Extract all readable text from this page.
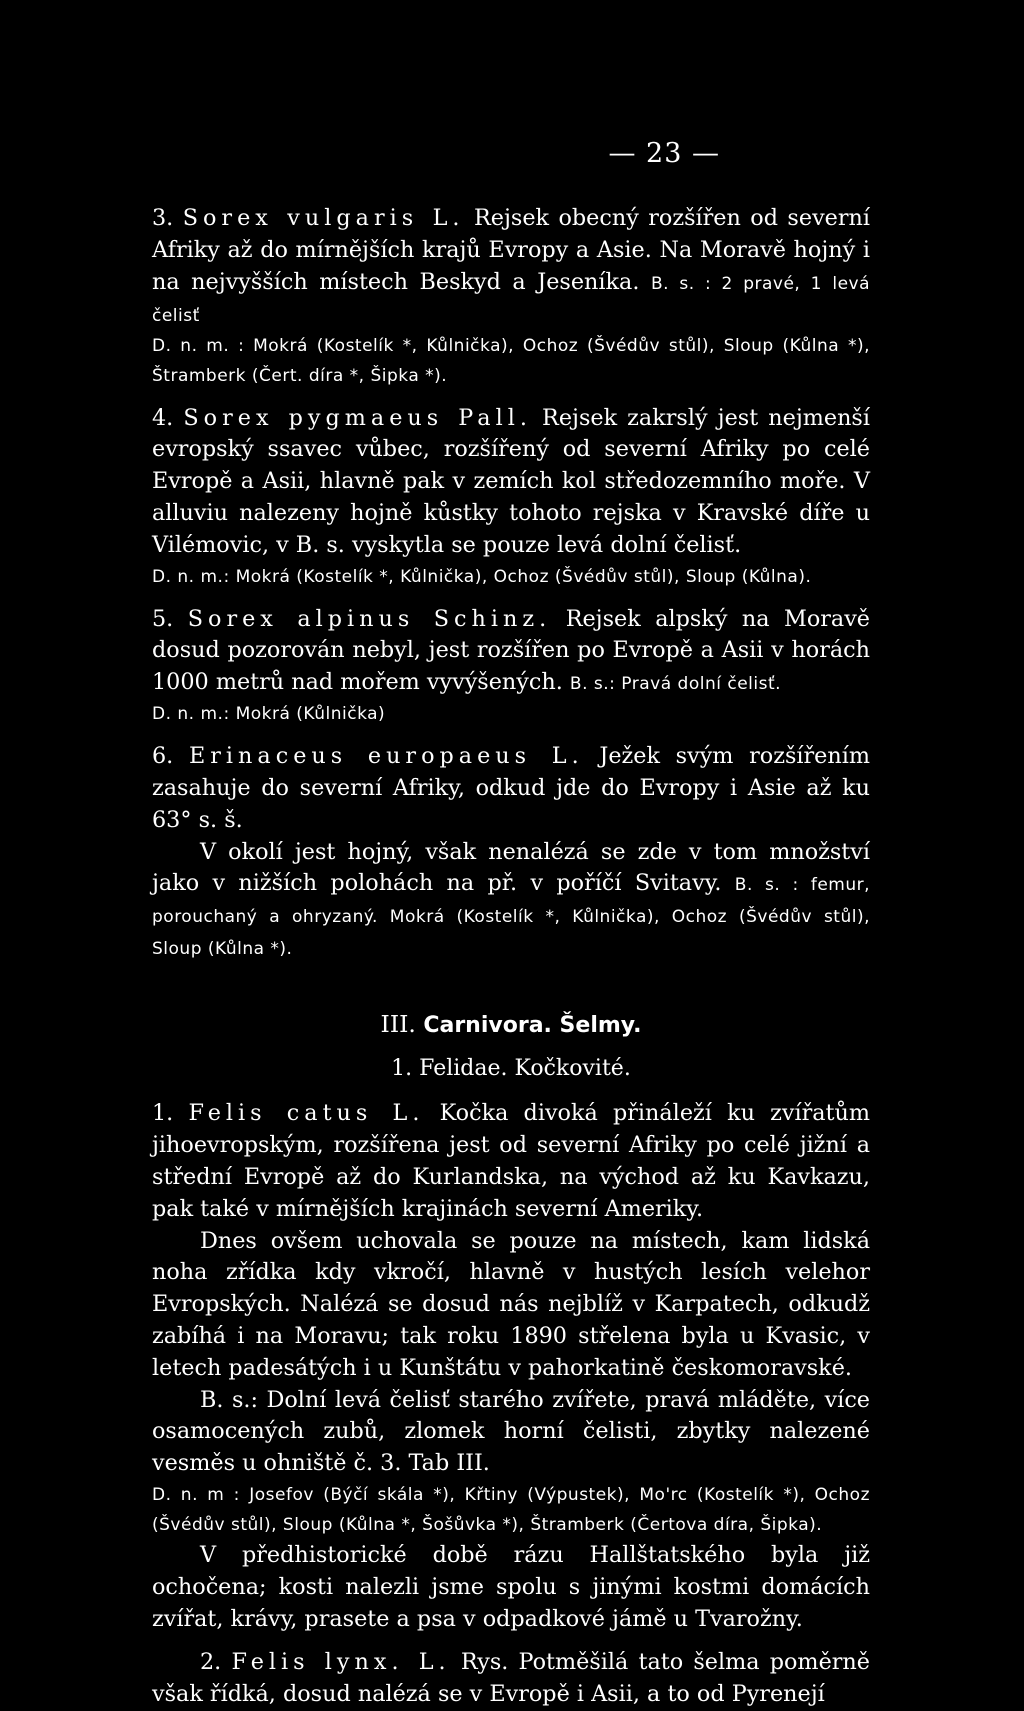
— 23 —

3. Sorex vulgaris L. Rejsek obecný rozšířen od severní Afriky až do mírnějších krajů Evropy a Asie. Na Moravě hojný i na nejvyšších místech Beskyd a Jeseníka. B. s. : 2 pravé, 1 levá čelisť

D. n. m. : Mokrá (Kostelík *, Kůlnička), Ochoz (Švédův stůl), Sloup (Kůlna *), Štramberk (Čert. díra *, Šipka *).

4. Sorex pygmaeus Pall. Rejsek zakrslý jest nejmenší evropský ssavec vůbec, rozšířený od severní Afriky po celé Evropě a Asii, hlavně pak v zemích kol středozemního moře. V alluviu nalezeny hojně kůstky tohoto rejska v Kravské díře u Vilémovic, v B. s. vyskytla se pouze levá dolní čelisť.

D. n. m.: Mokrá (Kostelík *, Kůlnička), Ochoz (Švédův stůl), Sloup (Kůlna).

5. Sorex alpinus Schinz. Rejsek alpský na Moravě dosud pozorován nebyl, jest rozšířen po Evropě a Asii v horách 1000 metrů nad mořem vyvýšených. B. s.: Pravá dolní čelisť.

D. n. m.: Mokrá (Kůlnička)

6. Erinaceus europaeus L. Ježek svým rozšířením zasahuje do severní Afriky, odkud jde do Evropy i Asie až ku 63° s. š.

V okolí jest hojný, však nenalézá se zde v tom množství jako v nižších polohách na př. v poříčí Svitavy. B. s. : femur, porouchaný a ohryzaný. Mokrá (Kostelík *, Kůlnička), Ochoz (Švédův stůl), Sloup (Kůlna *).

III. Carnivora. Šelmy.
1. Felidae. Kočkovité.

1. Felis catus L. Kočka divoká přináleží ku zvířatům jihoevropským, rozšířena jest od severní Afriky po celé jižní a střední Evropě až do Kurlandska, na východ až ku Kavkazu, pak také v mírnějších krajinách severní Ameriky.

Dnes ovšem uchovala se pouze na místech, kam lidská noha zřídka kdy vkročí, hlavně v hustých lesích velehor Evropských. Nalézá se dosud nás nejblíž v Karpatech, odkudž zabíhá i na Moravu; tak roku 1890 střelena byla u Kvasic, v letech padesátých i u Kunštátu v pahorkatině českomoravské.

B. s.: Dolní levá čelisť starého zvířete, pravá mláděte, více osamocených zubů, zlomek horní čelisti, zbytky nalezené vesměs u ohniště č. 3. Tab III.

D. n. m : Josefov (Býčí skála *), Křtiny (Výpustek), Mo'rc (Kostelík *), Ochoz (Švédův stůl), Sloup (Kůlna *, Šošůvka *), Štramberk (Čertova díra, Šipka).

V předhistorické době rázu Hallštatského byla již ochočena; kosti nalezli jsme spolu s jinými kostmi domácích zvířat, krávy, prasete a psa v odpadkové jámě u Tvarožny.

2. Felis lynx. L. Rys. Potměšilá tato šelma poměrně však řídká, dosud nalézá se v Evropě i Asii, a to od Pyrenejí
